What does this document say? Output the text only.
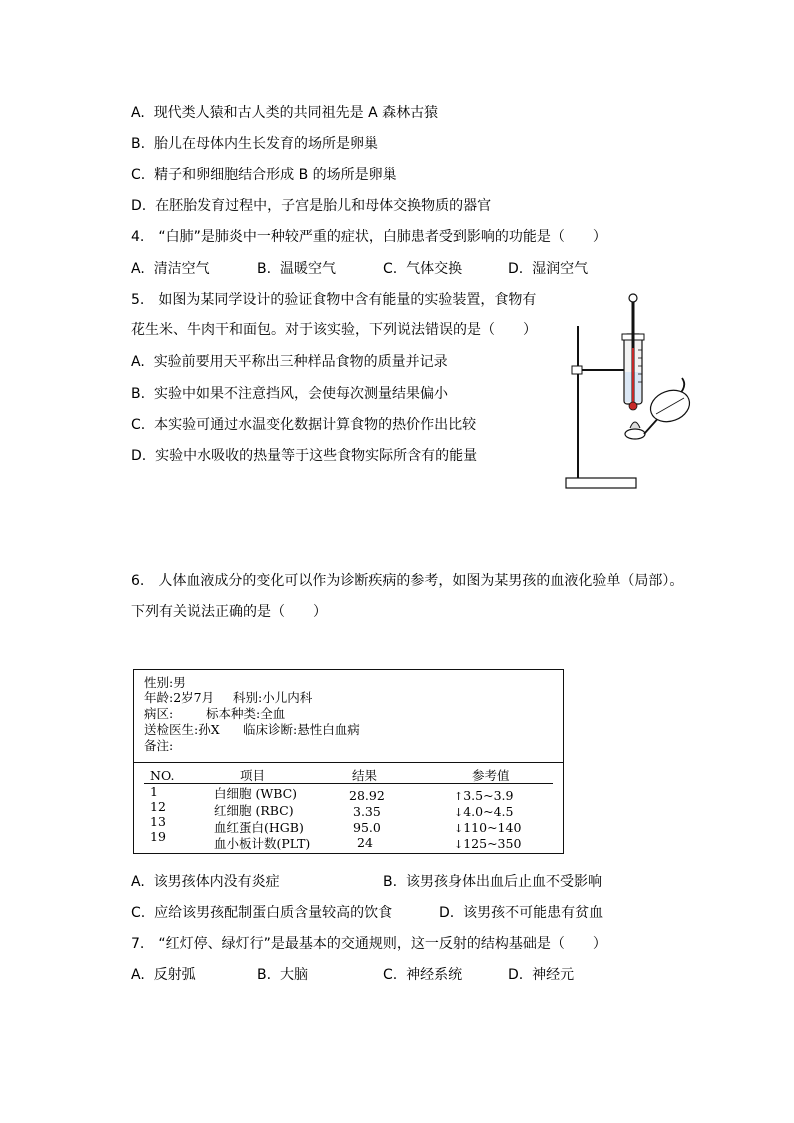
A. 现代类人猿和古人类的共同祖先是 A 森林古猿
B. 胎儿在母体内生长发育的场所是卵巢
C. 精子和卵细胞结合形成 B 的场所是卵巢
D. 在胚胎发育过程中，子宫是胎儿和母体交换物质的器官
4.　“白肺”是肺炎中一种较严重的症状，白肺患者受到影响的功能是（　　）
A. 清洁空气	B. 温暖空气	C. 气体交换	D. 湿润空气
5.　如图为某同学设计的验证食物中含有能量的实验装置，食物有
花生米、牛肉干和面包。对于该实验，下列说法错误的是（　　）
A. 实验前要用天平称出三种样品食物的质量并记录
B. 实验中如果不注意挡风，会使每次测量结果偏小
C. 本实验可通过水温变化数据计算食物的热价作出比较
D. 实验中水吸收的热量等于这些食物实际所含有的能量
6.　人体血液成分的变化可以作为诊断疾病的参考，如图为某男孩的血液化验单（局部）。
下列有关说法正确的是（　　）
性别:男
年龄:2岁7月 科别:小儿内科
病区:	标本种类:全血
送检医生:孙X 临床诊断:悬性白血病
备注:
NO.	项目	结果	参考值
1	白细胞 (WBC)	28.92	↑3.5~3.9
12	红细胞 (RBC)	3.35	↓4.0~4.5
13	血红蛋白(HGB)	95.0	↓110~140
19	血小板计数(PLT)	24	↓125~350
A. 该男孩体内没有炎症	B. 该男孩身体出血后止血不受影响
C. 应给该男孩配制蛋白质含量较高的饮食	D. 该男孩不可能患有贫血
7.　“红灯停、绿灯行”是最基本的交通规则，这一反射的结构基础是（　　）
A. 反射弧	B. 大脑	C. 神经系统	D. 神经元
